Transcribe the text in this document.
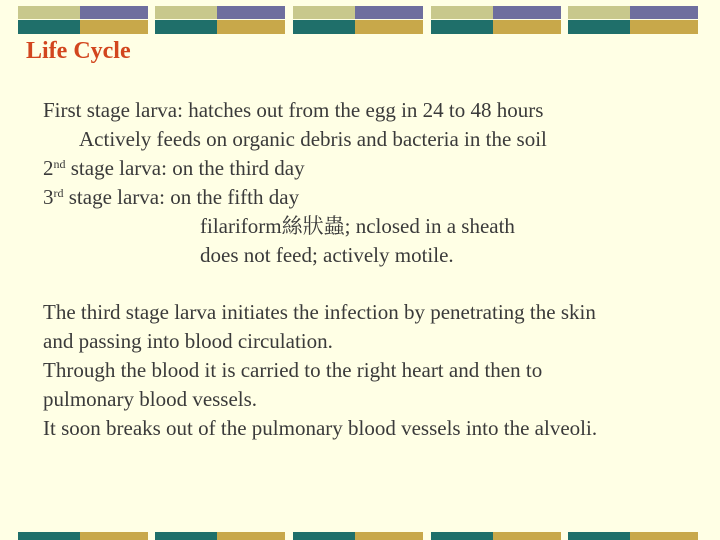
Life Cycle
First stage larva: hatches out from the egg in 24 to 48 hours
Actively feeds on organic debris and bacteria in the soil
2nd stage larva: on the third day
3rd stage larva: on the fifth day
filariform絲狀蟲; nclosed in a sheath
does not feed; actively motile.
The third stage larva initiates the infection by penetrating the skin
and passing into blood circulation.
Through the blood it is carried to the right heart and then to
pulmonary blood vessels.
It soon breaks out of the pulmonary blood vessels into the alveoli.
